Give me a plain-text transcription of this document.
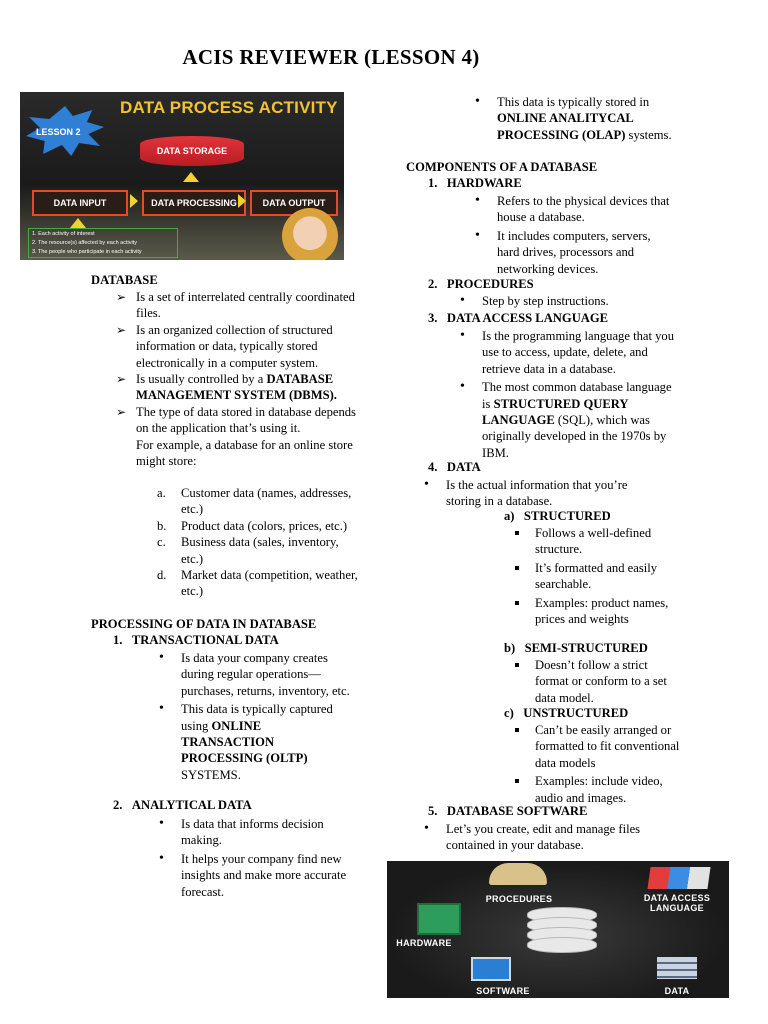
ACIS REVIEWER (LESSON 4)
LESSON 2
DATA PROCESS ACTIVITY
DATA STORAGE
DATA INPUT	DATA PROCESSING	DATA OUTPUT
1. Each activity of interest
2. The resource(s) affected by each activity
3. The people who participate in each activity
DATABASE
➢ Is a set of interrelated centrally coordinated files.
➢ Is an organized collection of structured information or data, typically stored electronically in a computer system.
➢ Is usually controlled by a DATABASE MANAGEMENT SYSTEM (DBMS).
➢ The type of data stored in database depends on the application that’s using it.
For example, a database for an online store might store:
a.	Customer data (names, addresses, etc.)
b.	Product data (colors, prices, etc.)
c.	Business data (sales, inventory, etc.)
d.	Market data (competition, weather, etc.)
PROCESSING OF DATA IN DATABASE
1.   TRANSACTIONAL DATA
• Is data your company creates during regular operations—purchases, returns, inventory, etc.
• This data is typically captured using ONLINE TRANSACTION PROCESSING (OLTP) SYSTEMS.
2.   ANALYTICAL DATA
• Is data that informs decision making.
• It helps your company find new insights and make more accurate forecast.
• This data is typically stored in ONLINE ANALITYCAL PROCESSING (OLAP) systems.
COMPONENTS OF A DATABASE
1.   HARDWARE
• Refers to the physical devices that house a database.
• It includes computers, servers, hard drives, processors and networking devices.
2.   PROCEDURES
• Step by step instructions.
3.   DATA ACCESS LANGUAGE
• Is the programming language that you use to access, update, delete, and retrieve data in a database.
• The most common database language is STRUCTURED QUERY LANGUAGE (SQL), which was originally developed in the 1970s by IBM.
4.   DATA
• Is the actual information that you’re storing in a database.
a)   STRUCTURED
Follows a well-defined structure.
It’s formatted and easily searchable.
Examples: product names, prices and weights
b)   SEMI-STRUCTURED
Doesn’t follow a strict format or conform to a set data model.
c)   UNSTRUCTURED
Can’t be easily arranged or formatted to fit conventional data models
Examples: include video, audio and images.
5.   DATABASE SOFTWARE
• Let’s you create, edit and manage files contained in your database.
PROCEDURES	DATA ACCESS LANGUAGE
HARDWARE
SOFTWARE	DATA
